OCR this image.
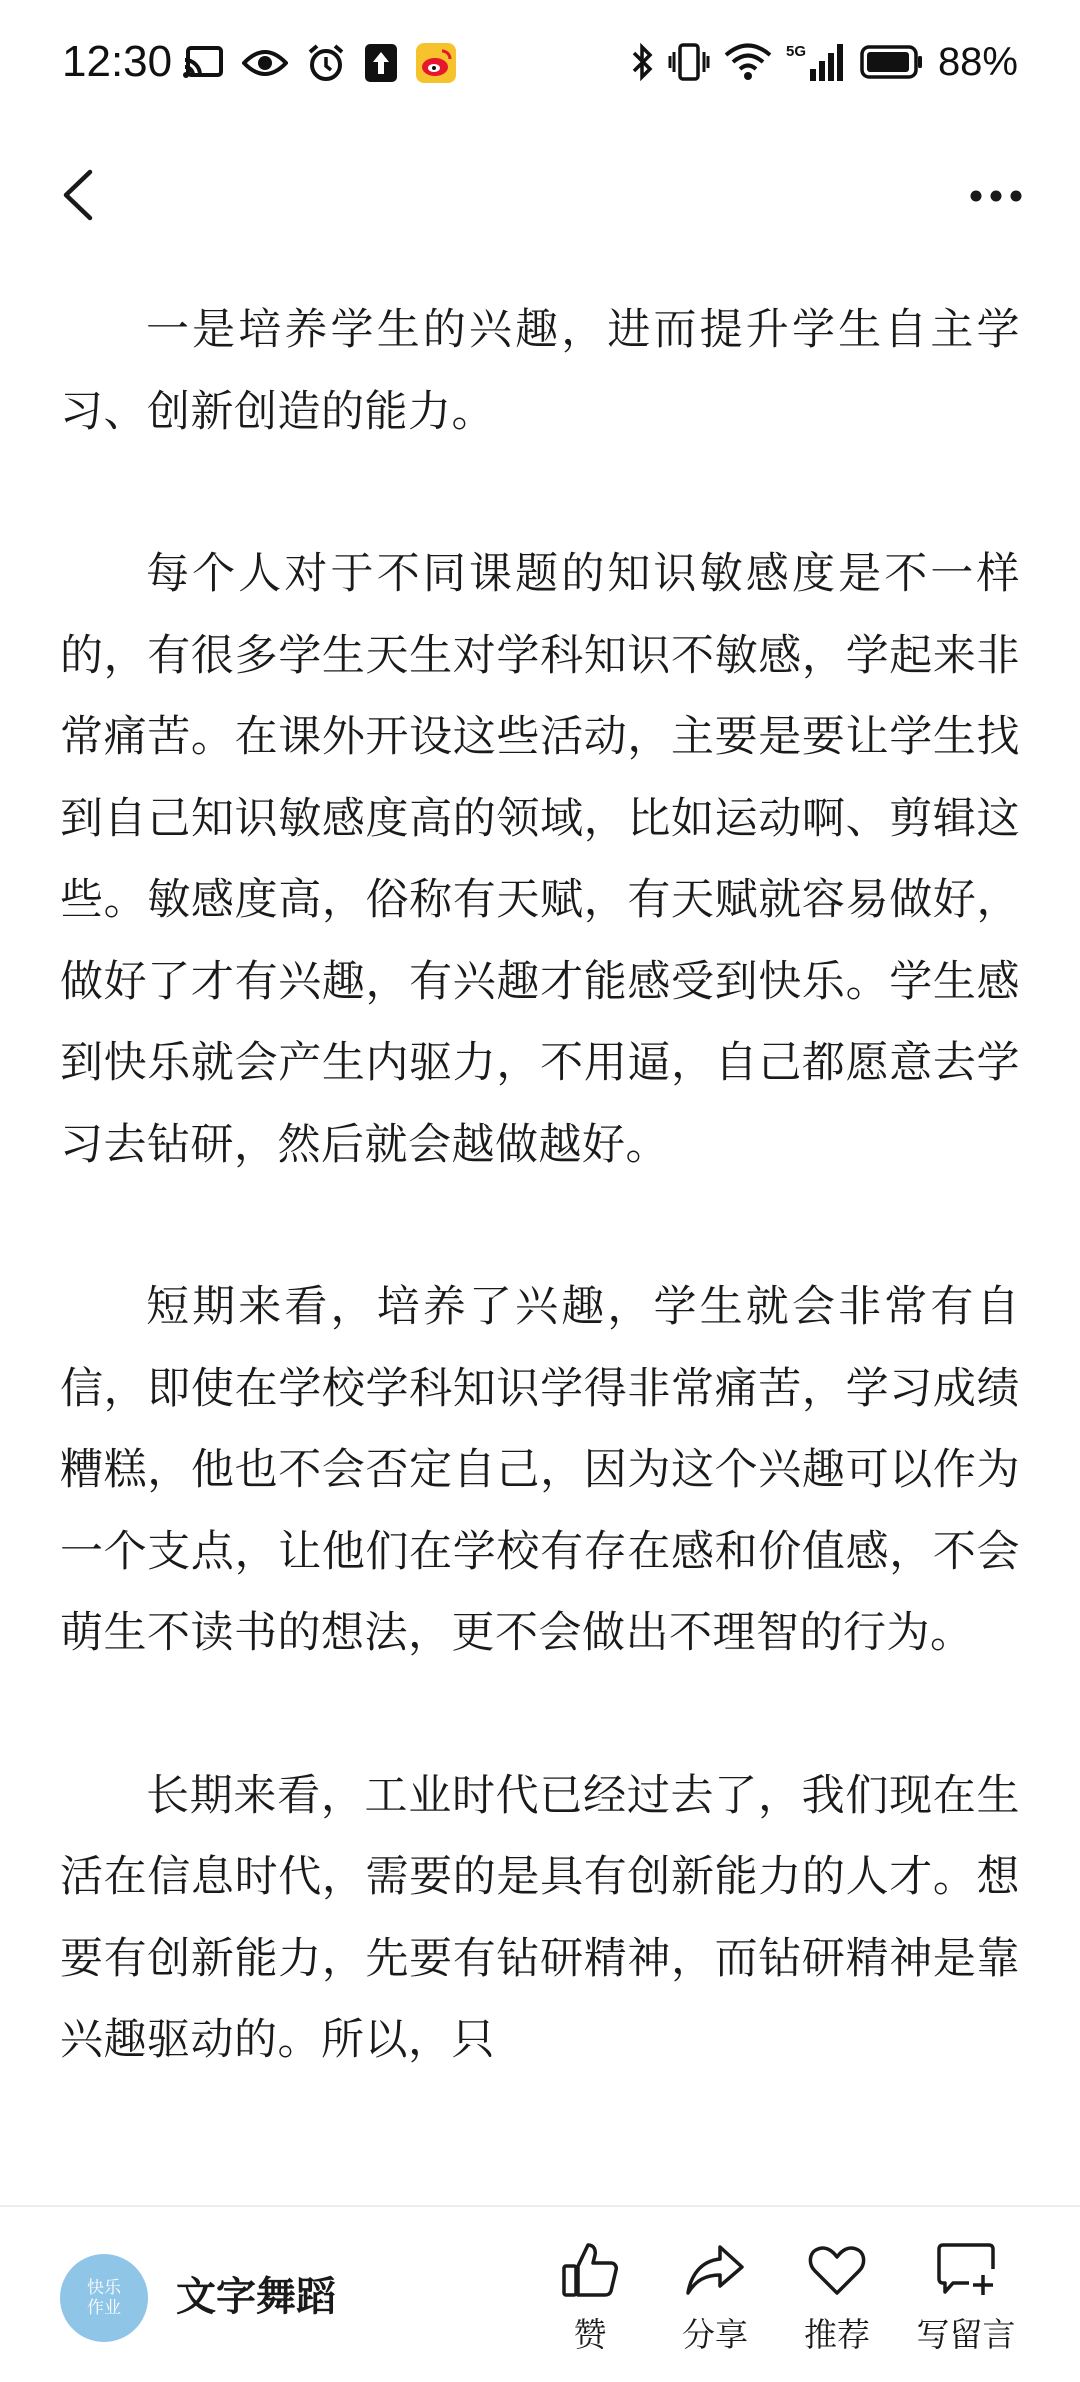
12:30	5G	88%

一是培养学生的兴趣，进而提升学生自主学习、创新创造的能力。

每个人对于不同课题的知识敏感度是不一样的，有很多学生天生对学科知识不敏感，学起来非常痛苦。在课外开设这些活动，主要是要让学生找到自己知识敏感度高的领域，比如运动啊、剪辑这些。敏感度高，俗称有天赋，有天赋就容易做好，做好了才有兴趣，有兴趣才能感受到快乐。学生感到快乐就会产生内驱力，不用逼，自己都愿意去学习去钻研，然后就会越做越好。

短期来看，培养了兴趣，学生就会非常有自信，即使在学校学科知识学得非常痛苦，学习成绩糟糕，他也不会否定自己，因为这个兴趣可以作为一个支点，让他们在学校有存在感和价值感，不会萌生不读书的想法，更不会做出不理智的行为。

长期来看，工业时代已经过去了，我们现在生活在信息时代，需要的是具有创新能力的人才。想要有创新能力，先要有钻研精神，而钻研精神是靠兴趣驱动的。所以，只

快乐
作业 文字舞蹈
赞 分享 推荐 写留言
